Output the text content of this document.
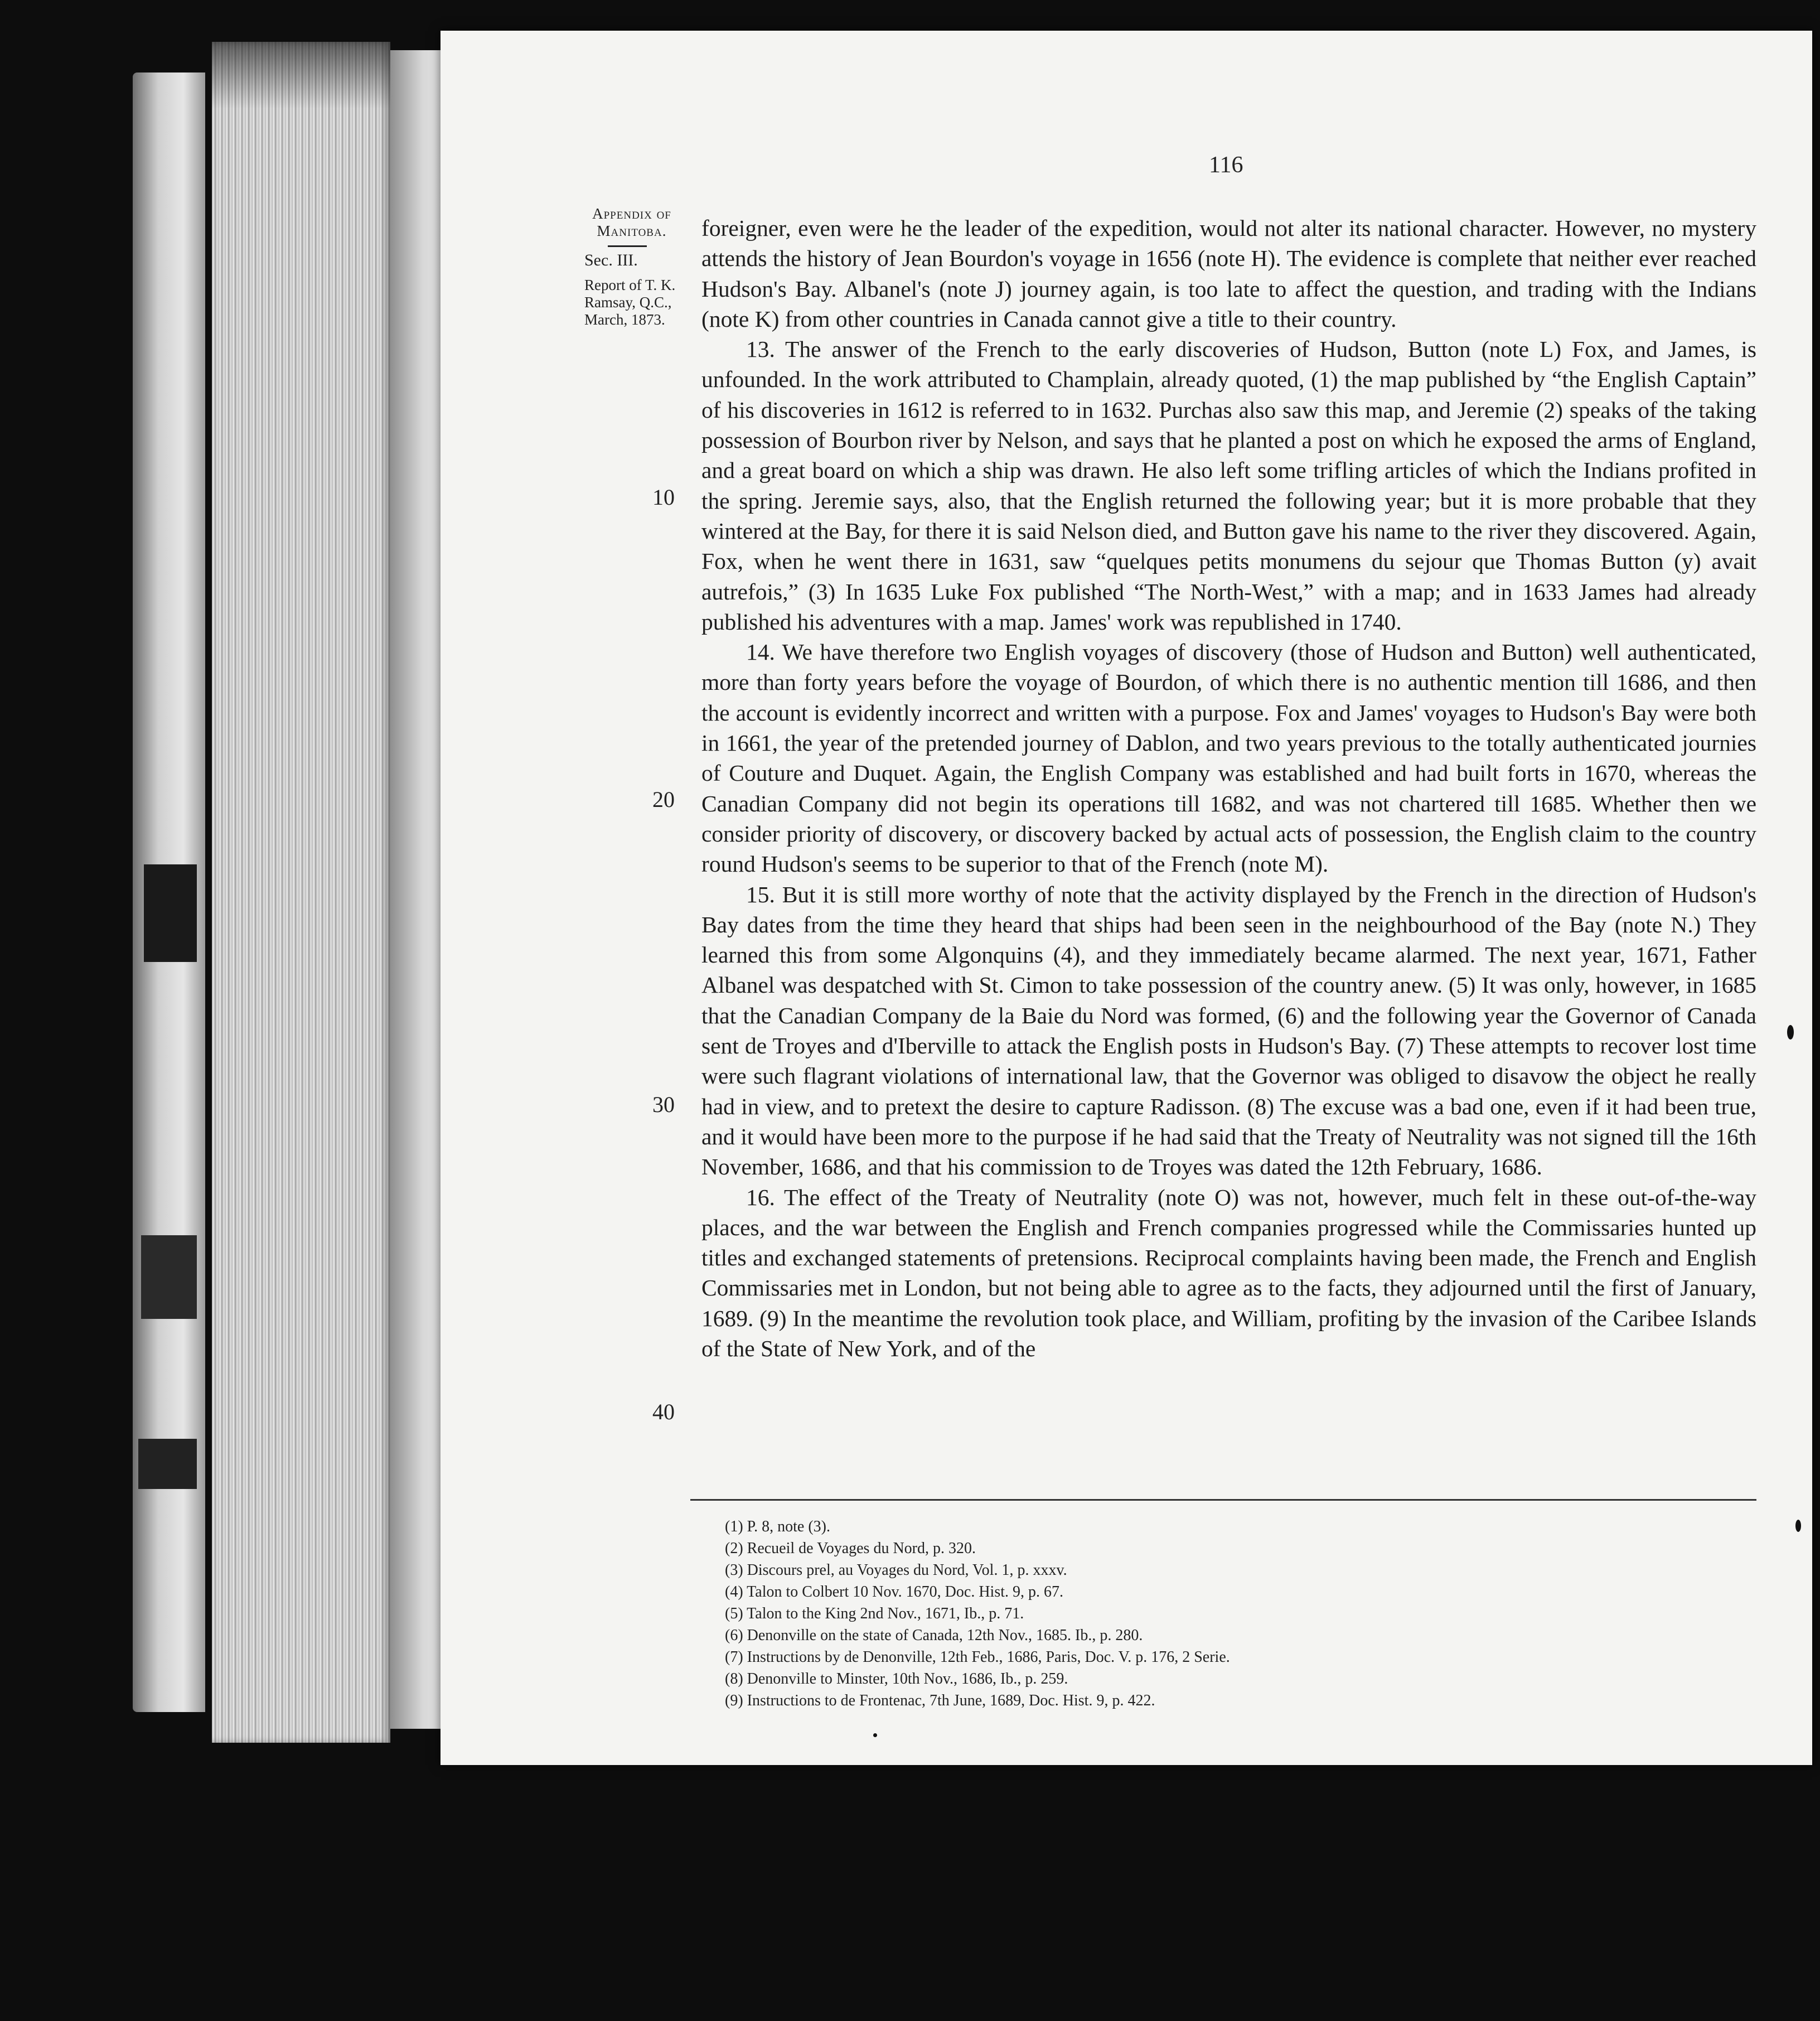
116
Appendix of Manitoba.
Sec. III.
Report of T. K. Ramsay, Q.C., March, 1873.
10
20
30
40

foreigner, even were he the leader of the expedition, would not alter its national character. However, no mystery attends the history of Jean Bourdon's voyage in 1656 (note H). The evidence is complete that neither ever reached Hudson's Bay. Albanel's (note J) journey again, is too late to affect the question, and trading with the Indians (note K) from other countries in Canada cannot give a title to their country.

13. The answer of the French to the early discoveries of Hudson, Button (note L) Fox, and James, is unfounded. In the work attributed to Champlain, already quoted, (1) the map published by “the English Captain” of his discoveries in 1612 is referred to in 1632. Purchas also saw this map, and Jeremie (2) speaks of the taking possession of Bourbon river by Nelson, and says that he planted a post on which he exposed the arms of England, and a great board on which a ship was drawn. He also left some trifling articles of which the Indians profited in the spring. Jeremie says, also, that the English returned the following year; but it is more probable that they wintered at the Bay, for there it is said Nelson died, and Button gave his name to the river they discovered. Again, Fox, when he went there in 1631, saw “quelques petits monumens du sejour que Thomas Button (y) avait autrefois,” (3) In 1635 Luke Fox published “The North-West,” with a map; and in 1633 James had already published his adventures with a map. James' work was republished in 1740.

14. We have therefore two English voyages of discovery (those of Hudson and Button) well authenticated, more than forty years before the voyage of Bourdon, of which there is no authentic mention till 1686, and then the account is evidently incorrect and written with a purpose. Fox and James' voyages to Hudson's Bay were both in 1661, the year of the pretended journey of Dablon, and two years previous to the totally authenticated journies of Couture and Duquet. Again, the English Company was established and had built forts in 1670, whereas the Canadian Company did not begin its operations till 1682, and was not chartered till 1685. Whether then we consider priority of discovery, or discovery backed by actual acts of possession, the English claim to the country round Hudson's seems to be superior to that of the French (note M).

15. But it is still more worthy of note that the activity displayed by the French in the direction of Hudson's Bay dates from the time they heard that ships had been seen in the neighbourhood of the Bay (note N.) They learned this from some Algonquins (4), and they immediately became alarmed. The next year, 1671, Father Albanel was despatched with St. Cimon to take possession of the country anew. (5) It was only, however, in 1685 that the Canadian Company de la Baie du Nord was formed, (6) and the following year the Governor of Canada sent de Troyes and d'Iberville to attack the English posts in Hudson's Bay. (7) These attempts to recover lost time were such flagrant violations of international law, that the Governor was obliged to disavow the object he really had in view, and to pretext the desire to capture Radisson. (8) The excuse was a bad one, even if it had been true, and it would have been more to the purpose if he had said that the Treaty of Neutrality was not signed till the 16th November, 1686, and that his commission to de Troyes was dated the 12th February, 1686.

16. The effect of the Treaty of Neutrality (note O) was not, however, much felt in these out-of-the-way places, and the war between the English and French companies progressed while the Commissaries hunted up titles and exchanged statements of pretensions. Reciprocal complaints having been made, the French and English Commissaries met in London, but not being able to agree as to the facts, they adjourned until the first of January, 1689. (9) In the meantime the revolution took place, and William, profiting by the invasion of the Caribee Islands of the State of New York, and of the

(1) P. 8, note (3).
(2) Recueil de Voyages du Nord, p. 320.
(3) Discours prel, au Voyages du Nord, Vol. 1, p. xxxv.
(4) Talon to Colbert 10 Nov. 1670, Doc. Hist. 9, p. 67.
(5) Talon to the King 2nd Nov., 1671, Ib., p. 71.
(6) Denonville on the state of Canada, 12th Nov., 1685. Ib., p. 280.
(7) Instructions by de Denonville, 12th Feb., 1686, Paris, Doc. V. p. 176, 2 Serie.
(8) Denonville to Minster, 10th Nov., 1686, Ib., p. 259.
(9) Instructions to de Frontenac, 7th June, 1689, Doc. Hist. 9, p. 422.
